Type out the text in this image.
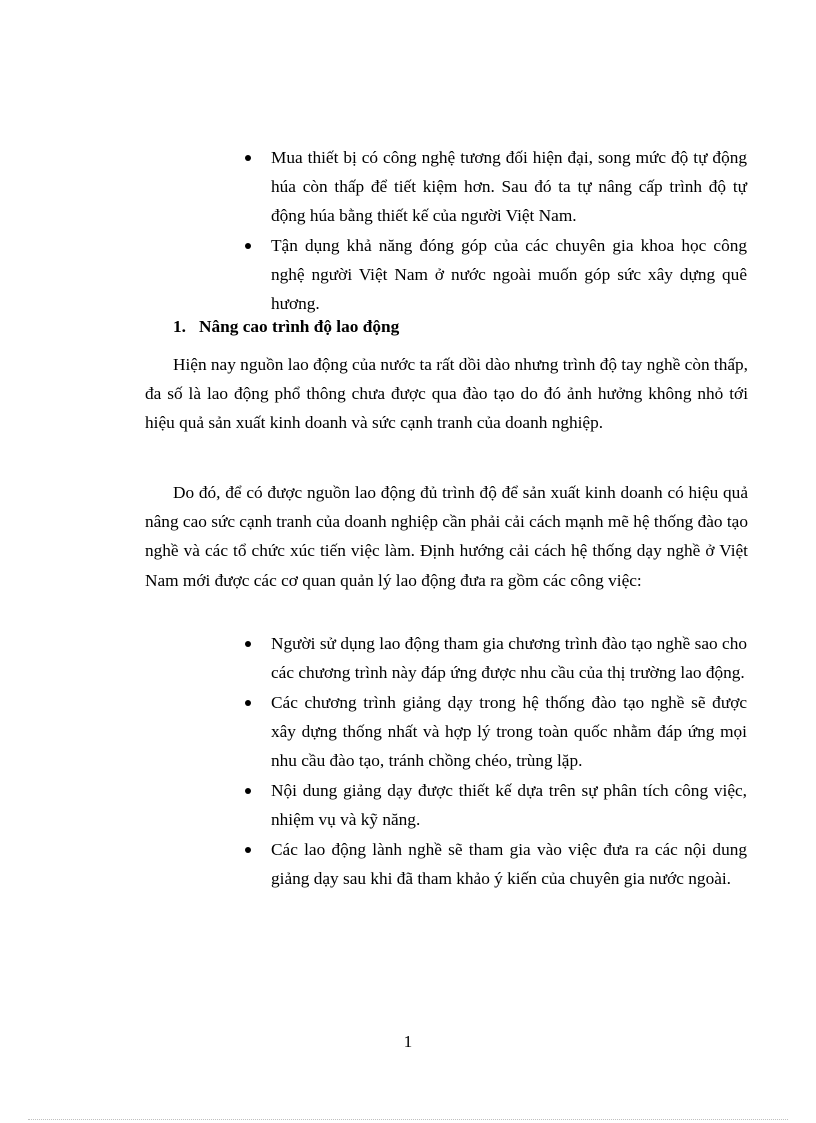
Mua thiết bị có công nghệ tương đối hiện đại, song mức độ tự động húa còn thấp để tiết kiệm hơn. Sau đó ta tự nâng cấp trình độ tự động húa bằng thiết kế của người Việt Nam.
Tận dụng khả năng đóng góp của các chuyên gia khoa học công nghệ người Việt Nam ở nước ngoài muốn góp sức xây dựng quê hương.
1. Nâng cao trình độ lao động

Hiện nay nguồn lao động của nước ta rất dồi dào nhưng trình độ tay nghề còn thấp, đa số là lao động phổ thông chưa được qua đào tạo do đó ảnh hưởng không nhỏ tới hiệu quả sản xuất kinh doanh và sức cạnh tranh của doanh nghiệp.

Do đó, để có được nguồn lao động đủ trình độ để sản xuất kinh doanh có hiệu quả nâng cao sức cạnh tranh của doanh nghiệp cần phải cải cách mạnh mẽ hệ thống đào tạo nghề và các tổ chức xúc tiến việc làm. Định hướng cải cách hệ thống dạy nghề ở Việt Nam mới được các cơ quan quản lý lao động đưa ra gồm các công việc:

Người sử dụng lao động tham gia chương trình đào tạo nghề sao cho các chương trình này đáp ứng được nhu cầu của thị trường lao động.
Các chương trình giảng dạy trong hệ thống đào tạo nghề sẽ được xây dựng thống nhất và hợp lý trong toàn quốc nhằm đáp ứng mọi nhu cầu đào tạo, tránh chồng chéo, trùng lặp.
Nội dung giảng dạy được thiết kế dựa trên sự phân tích công việc, nhiệm vụ và kỹ năng.
Các lao động lành nghề sẽ tham gia vào việc đưa ra các nội dung giảng dạy sau khi đã tham khảo ý kiến của chuyên gia nước ngoài.
1
